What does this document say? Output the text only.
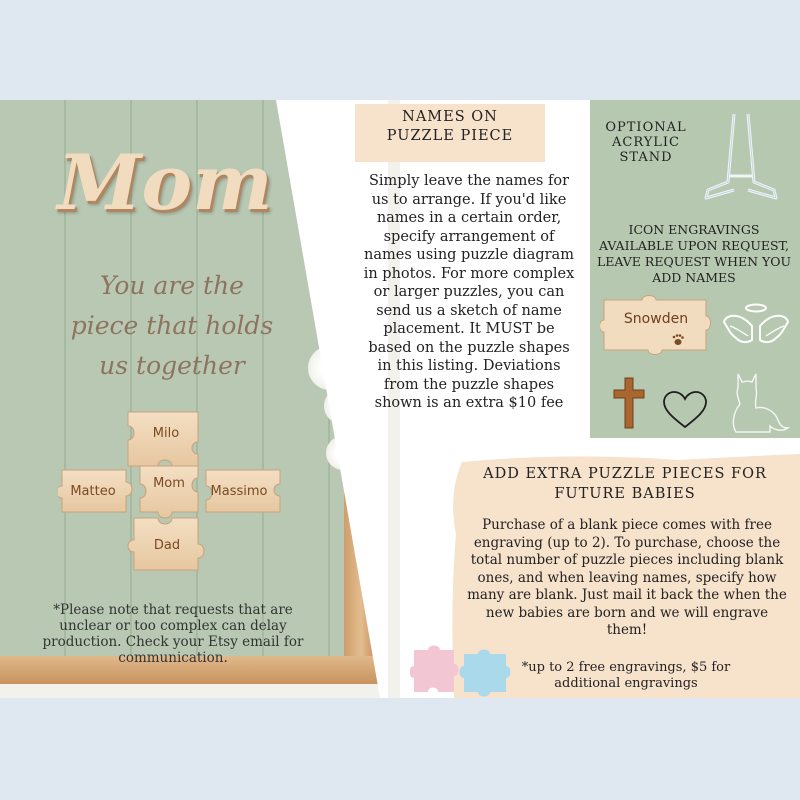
Mom
You are the
piece that holds
us together
Milo
Matteo
Mom
Massimo
Dad
*Please note that requests that are unclear or too complex can delay production. Check your Etsy email for communication.
NAMES ON PUZZLE PIECE
Simply leave the names for us to arrange. If you'd like names in a certain order, specify arrangement of names using puzzle diagram in photos. For more complex or larger puzzles, you can send us a sketch of name placement. It MUST be based on the puzzle shapes in this listing. Deviations from the puzzle shapes shown is an extra $10 fee
OPTIONAL ACRYLIC STAND
ICON ENGRAVINGS AVAILABLE UPON REQUEST, LEAVE REQUEST WHEN YOU ADD NAMES
Snowden
ADD EXTRA PUZZLE PIECES FOR FUTURE BABIES
Purchase of a blank piece comes with free engraving (up to 2). To purchase, choose the total number of puzzle pieces including blank ones, and when leaving names, specify how many are blank. Just mail it back the when the new babies are born and we will engrave them!
*up to 2 free engravings, $5 for additional engravings
